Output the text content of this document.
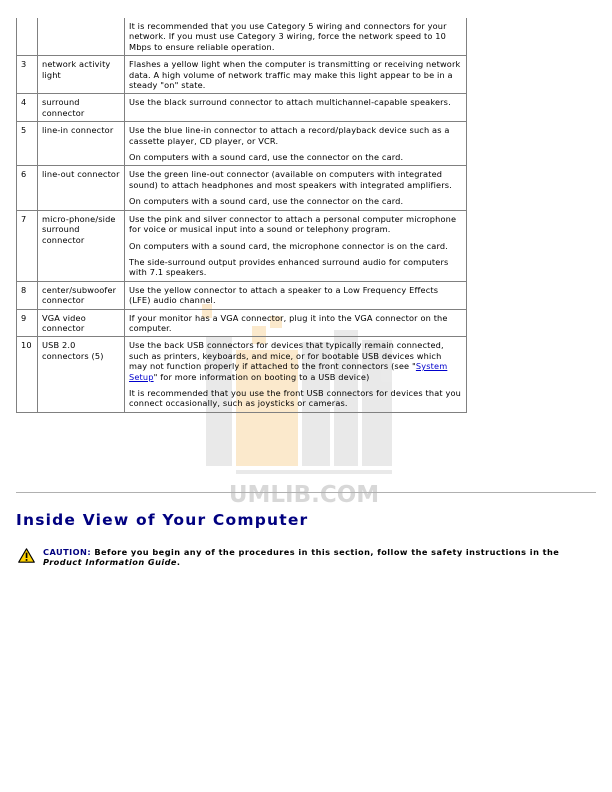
UMLIB.COM

		It is recommended that you use Category 5 wiring and connectors for your network. If you must use Category 3 wiring, force the network speed to 10 Mbps to ensure reliable operation.

3	network activity light	Flashes a yellow light when the computer is transmitting or receiving network data. A high volume of network traffic may make this light appear to be in a steady "on" state.

4	surround connector	Use the black surround connector to attach multichannel-capable speakers.

5	line-in connector	Use the blue line-in connector to attach a record/playback device such as a cassette player, CD player, or VCR.

On computers with a sound card, use the connector on the card.

6	line-out connector	Use the green line-out connector (available on computers with integrated sound) to attach headphones and most speakers with integrated amplifiers.

On computers with a sound card, use the connector on the card.

7	micro-phone/side surround connector	Use the pink and silver connector to attach a personal computer microphone for voice or musical input into a sound or telephony program.

On computers with a sound card, the microphone connector is on the card.

The side-surround output provides enhanced surround audio for computers with 7.1 speakers.

8	center/subwoofer connector	Use the yellow connector to attach a speaker to a Low Frequency Effects (LFE) audio channel.

9	VGA video connector	If your monitor has a VGA connector, plug it into the VGA connector on the computer.

10	USB 2.0 connectors (5)	Use the back USB connectors for devices that typically remain connected, such as printers, keyboards, and mice, or for bootable USB devices which may not function properly if attached to the front connectors (see "System Setup" for more information on booting to a USB device)

It is recommended that you use the front USB connectors for devices that you connect occasionally, such as joysticks or cameras.

Inside View of Your Computer
CAUTION: Before you begin any of the procedures in this section, follow the safety instructions in the Product Information Guide.
